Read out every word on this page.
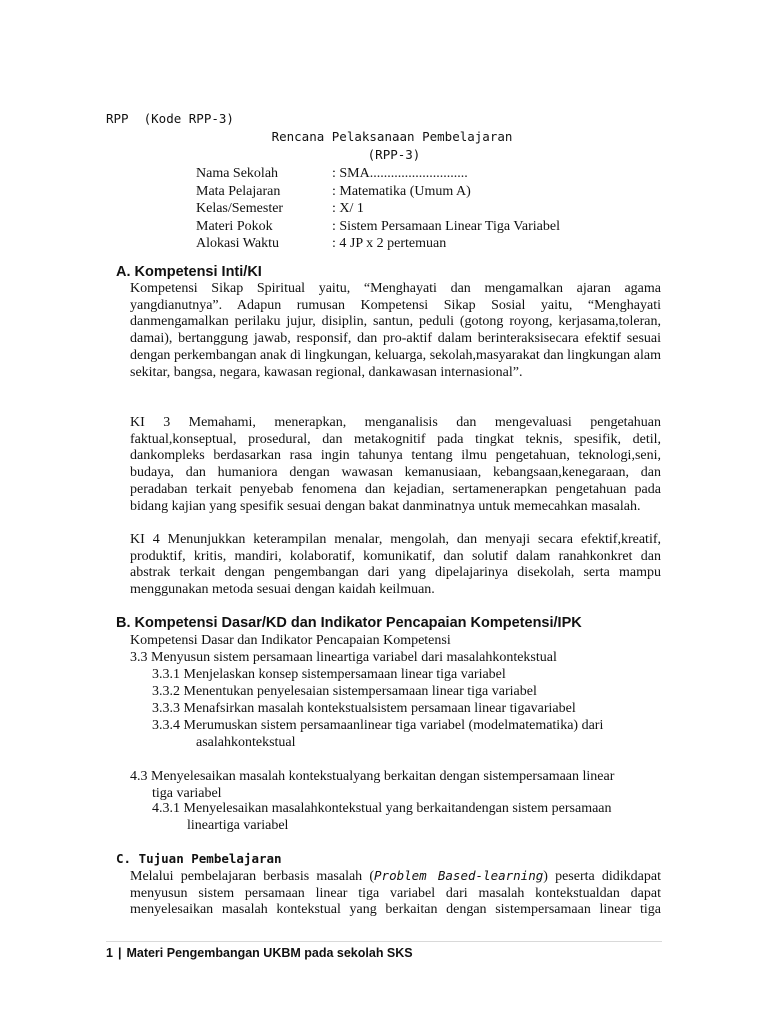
RPP  (Kode RPP-3)
Rencana Pelaksanaan Pembelajaran
(RPP-3)
Nama Sekolah	: SMA............................
Mata Pelajaran	: Matematika (Umum A)
Kelas/Semester	: X/ 1
Materi Pokok	: Sistem Persamaan Linear Tiga Variabel
Alokasi Waktu	: 4 JP x 2 pertemuan
A. Kompetensi Inti/KI

Kompetensi Sikap Spiritual yaitu, “Menghayati dan mengamalkan ajaran agama yangdianutnya”. Adapun rumusan Kompetensi Sikap Sosial yaitu, “Menghayati danmengamalkan perilaku jujur, disiplin, santun, peduli (gotong royong, kerjasama,toleran, damai), bertanggung jawab, responsif, dan pro-aktif dalam berinteraksisecara efektif sesuai dengan perkembangan anak di lingkungan, keluarga, sekolah,masyarakat dan lingkungan alam sekitar, bangsa, negara, kawasan regional, dankawasan internasional”.

KI 3 Memahami, menerapkan, menganalisis dan mengevaluasi pengetahuan faktual,konseptual, prosedural, dan metakognitif pada tingkat teknis, spesifik, detil, dankompleks berdasarkan rasa ingin tahunya tentang ilmu pengetahuan, teknologi,seni, budaya, dan humaniora dengan wawasan kemanusiaan, kebangsaan,kenegaraan, dan peradaban terkait penyebab fenomena dan kejadian, sertamenerapkan pengetahuan pada bidang kajian yang spesifik sesuai dengan bakat danminatnya untuk memecahkan masalah.

KI 4 Menunjukkan keterampilan menalar, mengolah, dan menyaji secara efektif,kreatif, produktif, kritis, mandiri, kolaboratif, komunikatif, dan solutif dalam ranahkonkret dan abstrak terkait dengan pengembangan dari yang dipelajarinya disekolah, serta mampu menggunakan metoda sesuai dengan kaidah keilmuan.

B. Kompetensi Dasar/KD dan Indikator Pencapaian Kompetensi/IPK
Kompetensi Dasar dan Indikator Pencapaian Kompetensi
3.3 Menyusun sistem persamaan lineartiga variabel dari masalahkontekstual
3.3.1 Menjelaskan konsep sistempersamaan linear tiga variabel
3.3.2 Menentukan penyelesaian sistempersamaan linear tiga variabel
3.3.3 Menafsirkan masalah kontekstualsistem persamaan linear tigavariabel
3.3.4 Merumuskan sistem persamaanlinear tiga variabel (modelmatematika) dari
asalahkontekstual
4.3 Menyelesaikan masalah kontekstualyang berkaitan dengan sistempersamaan linear
tiga variabel
4.3.1 Menyelesaikan masalahkontekstual yang berkaitandengan sistem persamaan
lineartiga variabel
C. Tujuan Pembelajaran

Melalui pembelajaran berbasis masalah (Problem Based-learning) peserta didikdapat menyusun sistem persamaan linear tiga variabel dari masalah kontekstualdan dapat menyelesaikan masalah kontekstual yang berkaitan dengan sistempersamaan linear tiga

1 | Materi Pengembangan UKBM pada sekolah SKS
